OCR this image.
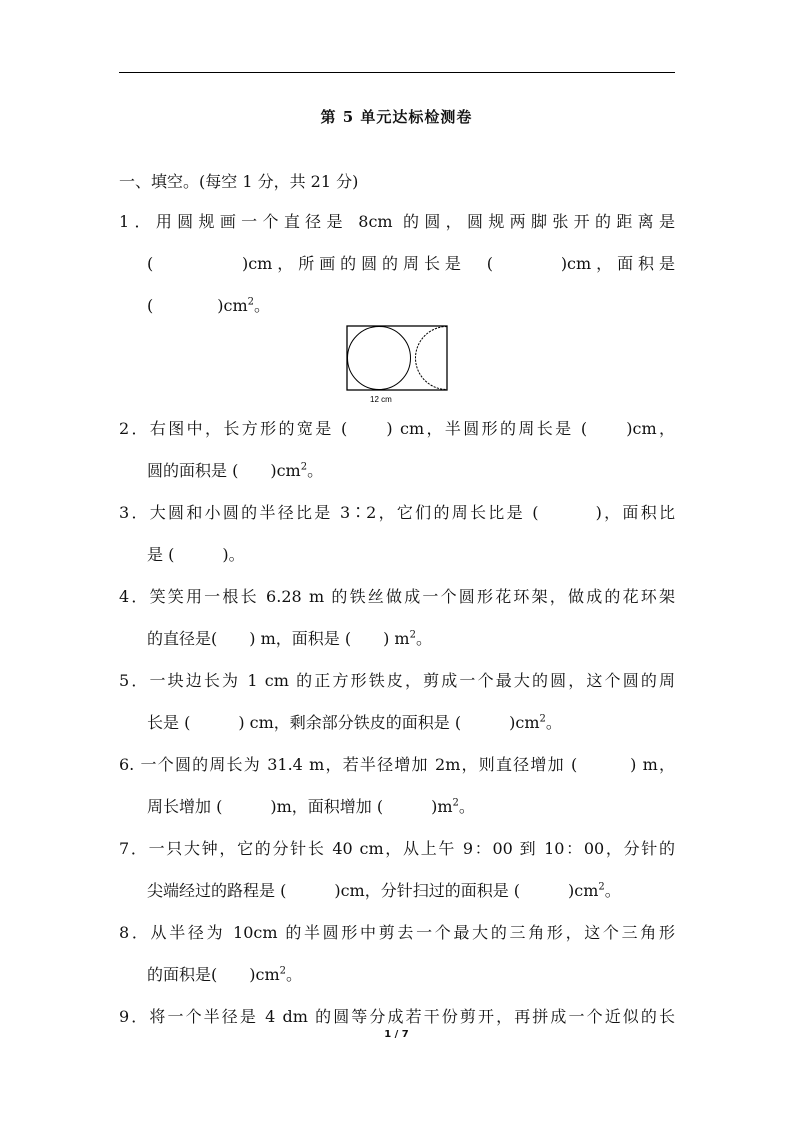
第 5 单元达标检测卷
一、填空。(每空 1 分，共 21 分)
1．用圆规画一个直径是 8cm 的圆，圆规两脚张开的距离是
(　　　　)cm，所画的圆的周长是　(　　　)cm，面积是
(　　　　)$cm^2$。
12 cm
2．右图中，长方形的宽是 (　　) cm，半圆形的周长是 (　　)cm，
圆的面积是 (　　)$cm^2$。
3．大圆和小圆的半径比是 3∶2，它们的周长比是 (　　　)，面积比
是 (　　　)。
4．笑笑用一根长 6.28 m 的铁丝做成一个圆形花环架，做成的花环架
的直径是(　　) m，面积是 (　　) $m^2$。
5．一块边长为 1 cm 的正方形铁皮，剪成一个最大的圆，这个圆的周
长是 (　　　) cm，剩余部分铁皮的面积是 (　　　)$cm^2$。
6. 一个圆的周长为 31.4 m，若半径增加 2m，则直径增加 (　　　) m，
周长增加 (　　　)m，面积增加 (　　　)$m^2$。
7．一只大钟，它的分针长 40 cm，从上午 9：00 到 10：00，分针的
尖端经过的路程是 (　　　)cm，分针扫过的面积是 (　　　)$cm^2$。
8．从半径为 10cm 的半圆形中剪去一个最大的三角形，这个三角形
的面积是(　　)$cm^2$。
9．将一个半径是 4 dm 的圆等分成若干份剪开，再拼成一个近似的长
1 / 7
